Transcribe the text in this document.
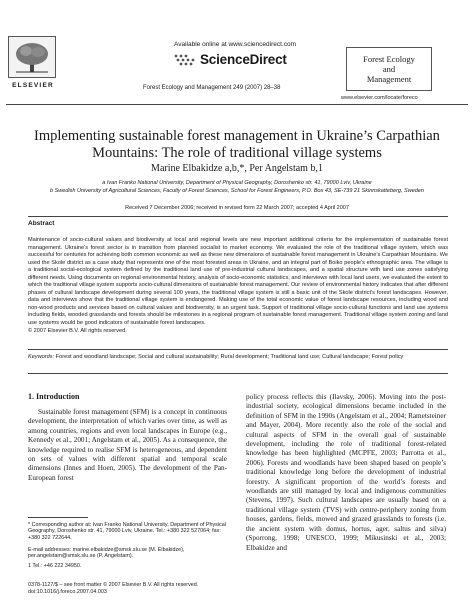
ELSEVIER
Available online at www.sciencedirect.com
ScienceDirect
Forest Ecology and Management 249 (2007) 28–38
Forest Ecology
and
Management
www.elsevier.com/locate/foreco
Implementing sustainable forest management in Ukraine’s Carpathian
Mountains: The role of traditional village systems
Marine Elbakidze a,b,*, Per Angelstam b,1
a Ivan Franko National University, Department of Physical Geography, Doroshenko str. 41, 79000 Lviv, Ukraine
b Swedish University of Agricultural Sciences, Faculty of Forest Sciences, School for Forest Engineers, P.O. Box 43, SE-739 21 Skinnskatteberg, Sweden
Received 7 December 2006; received in revised form 22 March 2007; accepted 4 April 2007
Abstract

Maintenance of socio-cultural values and biodiversity at local and regional levels are new important additional criteria for the implementation of sustainable forest management. Ukraine’s forest sector is in transition from planned socialist to market economy. We evaluated the role of the traditional village system, which was successful for centuries for achieving both common economic as well as these new dimensions of sustainable forest management in Ukraine’s Carpathian Mountains. We used the Skole district as a case study that represents one of the most forested areas in Ukraine, and an integral part of Boiko people’s ethnographic area. The village is a traditional social-ecological system defined by the traditional land use of pre-industrial cultural landscapes, and a spatial structure with land use zones satisfying different needs. Using documents on regional environmental history, analysis of socio-economic statistics, and interviews with local land users, we evaluated the extent to which the traditional village system supports socio-cultural dimensions of sustainable forest management. Our review of environmental history indicates that after different phases of cultural landscape development during several 100 years, the traditional village system is still a basic unit of the Skole district’s forest landscapes. However, data and interviews show that the traditional village system is endangered. Making use of the total economic value of forest landscape resources, including wood and non-wood products and services based on cultural values and biodiversity, is an urgent task. Support of traditional village socio-cultural functions and land use systems including fields, wooded grasslands and forests should be milestones in a regional program of sustainable forest management. Traditional village system zoning and land use systems would be good indicators of sustainable forest landscapes.

© 2007 Elsevier B.V. All rights reserved.

Keywords: Forest and woodland landscape; Social and cultural sustainability; Rural development; Traditional land use; Cultural landscape; Forest policy
1. Introduction

Sustainable forest management (SFM) is a concept in continuous development, the interpretation of which varies over time, as well as among countries, regions and even local landscapes in Europe (e.g., Kennedy et al., 2001; Angelstam et al., 2005). As a consequence, the knowledge required to realise SFM is heterogeneous, and dependent on sets of values with different spatial and temporal scale dimensions (Innes and Hoen, 2005). The development of the Pan-European forest

policy process reflects this (Ilavsky, 2006). Moving into the post-industrial society, ecological dimensions became included in the definition of SFM in the 1990s (Angelstam et al., 2004; Rametsteiner and Mayer, 2004). More recently also the role of the social and cultural aspects of SFM in the overall goal of sustainable development, including the role of traditional forest-related knowledge has been highlighted (MCPFE, 2003; Parrotta et al., 2006). Forests and woodlands have been shaped based on people’s traditional knowledge long before the development of industrial forestry. A significant proportion of the world’s forests and woodlands are still managed by local and indigenous communities (Stevens, 1997). Such cultural landscapes are usually based on a traditional village system (TVS) with centre-periphery zoning from houses, gardens, fields, mowed and grazed grasslands to forests (i.e. the ancient system with domus, hortus, ager, saltus and silva) (Sporrong, 1998; UNESCO, 1999; Mikusinski et al., 2003; Elbakidze and

* Corresponding author at: Ivan Franko National University, Department of Physical Geography, Doroshenko str. 41, 79000 Lviv, Ukraine. Tel.: +380 322 527064; fax: +380 322 722644.
E-mail addresses: marine.elbakidze@smsk.slu.se (M. Elbakidze), per.angelstam@smsk.slu.se (P. Angelstam).
1 Tel.: +46 222 34950.
0378-1127/$ – see front matter © 2007 Elsevier B.V. All rights reserved.
doi:10.1016/j.foreco.2007.04.003
